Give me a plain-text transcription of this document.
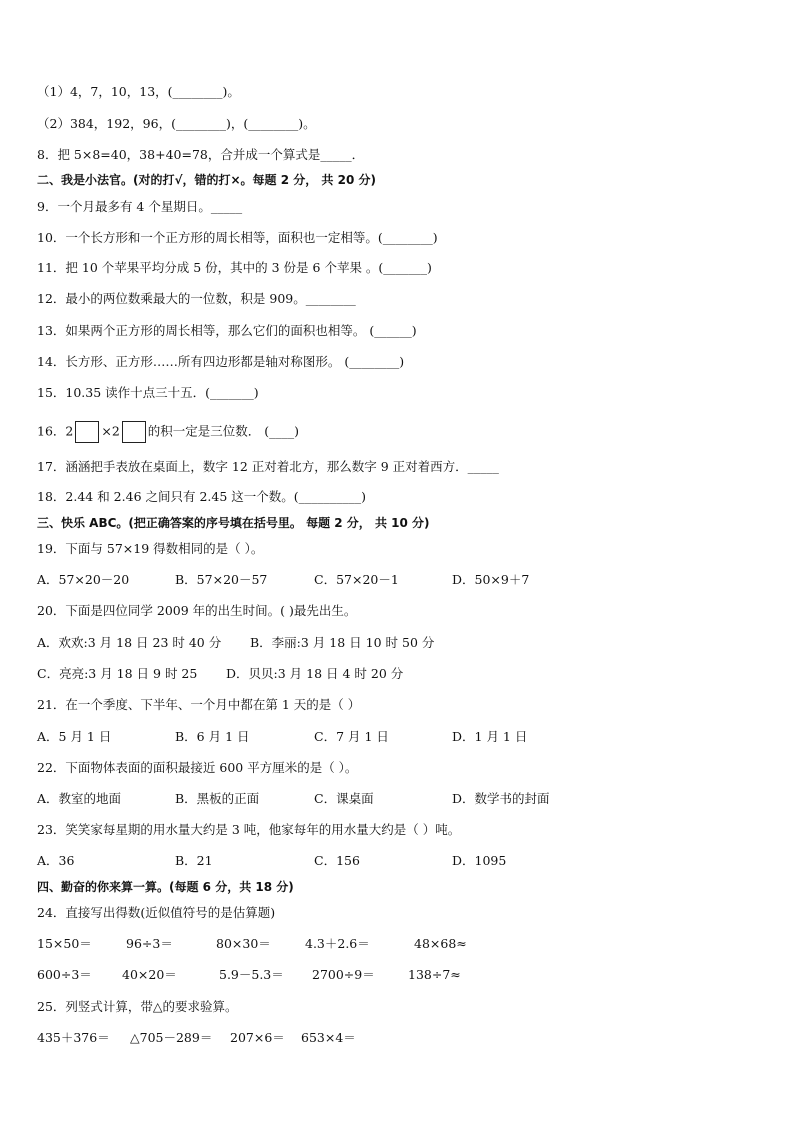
（1）4，7，10，13，(________)。
（2）384，192，96，(________)，(________)。
8．把 5×8=40，38+40=78，合并成一个算式是_____．
二、我是小法官。(对的打√，错的打×。每题 2 分， 共 20 分)
9．一个月最多有 4 个星期日。_____
10．一个长方形和一个正方形的周长相等，面积也一定相等。(________)
11．把 10 个苹果平均分成 5 份，其中的 3 份是 6 个苹果 。(_______)
12．最小的两位数乘最大的一位数，积是 909。________
13．如果两个正方形的周长相等，那么它们的面积也相等。 (______)
14．长方形、正方形……所有四边形都是轴对称图形。 (________)
15．10.35 读作十点三十五．(_______)
16．2 ×2 的积一定是三位数． (____)
17．涵涵把手表放在桌面上，数字 12 正对着北方，那么数字 9 正对着西方．_____
18．2.44 和 2.46 之间只有 2.45 这一个数。(__________)
三、快乐 ABC。(把正确答案的序号填在括号里。 每题 2 分， 共 10 分)
19．下面与 57×19 得数相同的是（ ）。
A．57×20－20	B．57×20－57	C．57×20－1	D．50×9＋7
20．下面是四位同学 2009 年的出生时间。( )最先出生。
A．欢欢:3 月 18 日 23 时 40 分 B．李丽:3 月 18 日 10 时 50 分
C．亮亮:3 月 18 日 9 时 25 D．贝贝:3 月 18 日 4 时 20 分
21．在一个季度、下半年、一个月中都在第 1 天的是（ ）
A．5 月 1 日	B．6 月 1 日	C．7 月 1 日	D．1 月 1 日
22．下面物体表面的面积最接近 600 平方厘米的是（ ）。
A．教室的地面	B．黑板的正面	C．课桌面	D．数学书的封面
23．笑笑家每星期的用水量大约是 3 吨，他家每年的用水量大约是（ ）吨。
A．36	B．21	C．156	D．1095
四、勤奋的你来算一算。(每题 6 分，共 18 分)
24．直接写出得数(近似值符号的是估算题)
15×50＝	96÷3＝	80×30＝	4.3＋2.6＝	48×68≈
600÷3＝ 40×20＝	5.9－5.3＝ 2700÷9＝	138÷7≈
25．列竖式计算，带△的要求验算。
435＋376＝ △705－289＝ 207×6＝ 653×4＝
